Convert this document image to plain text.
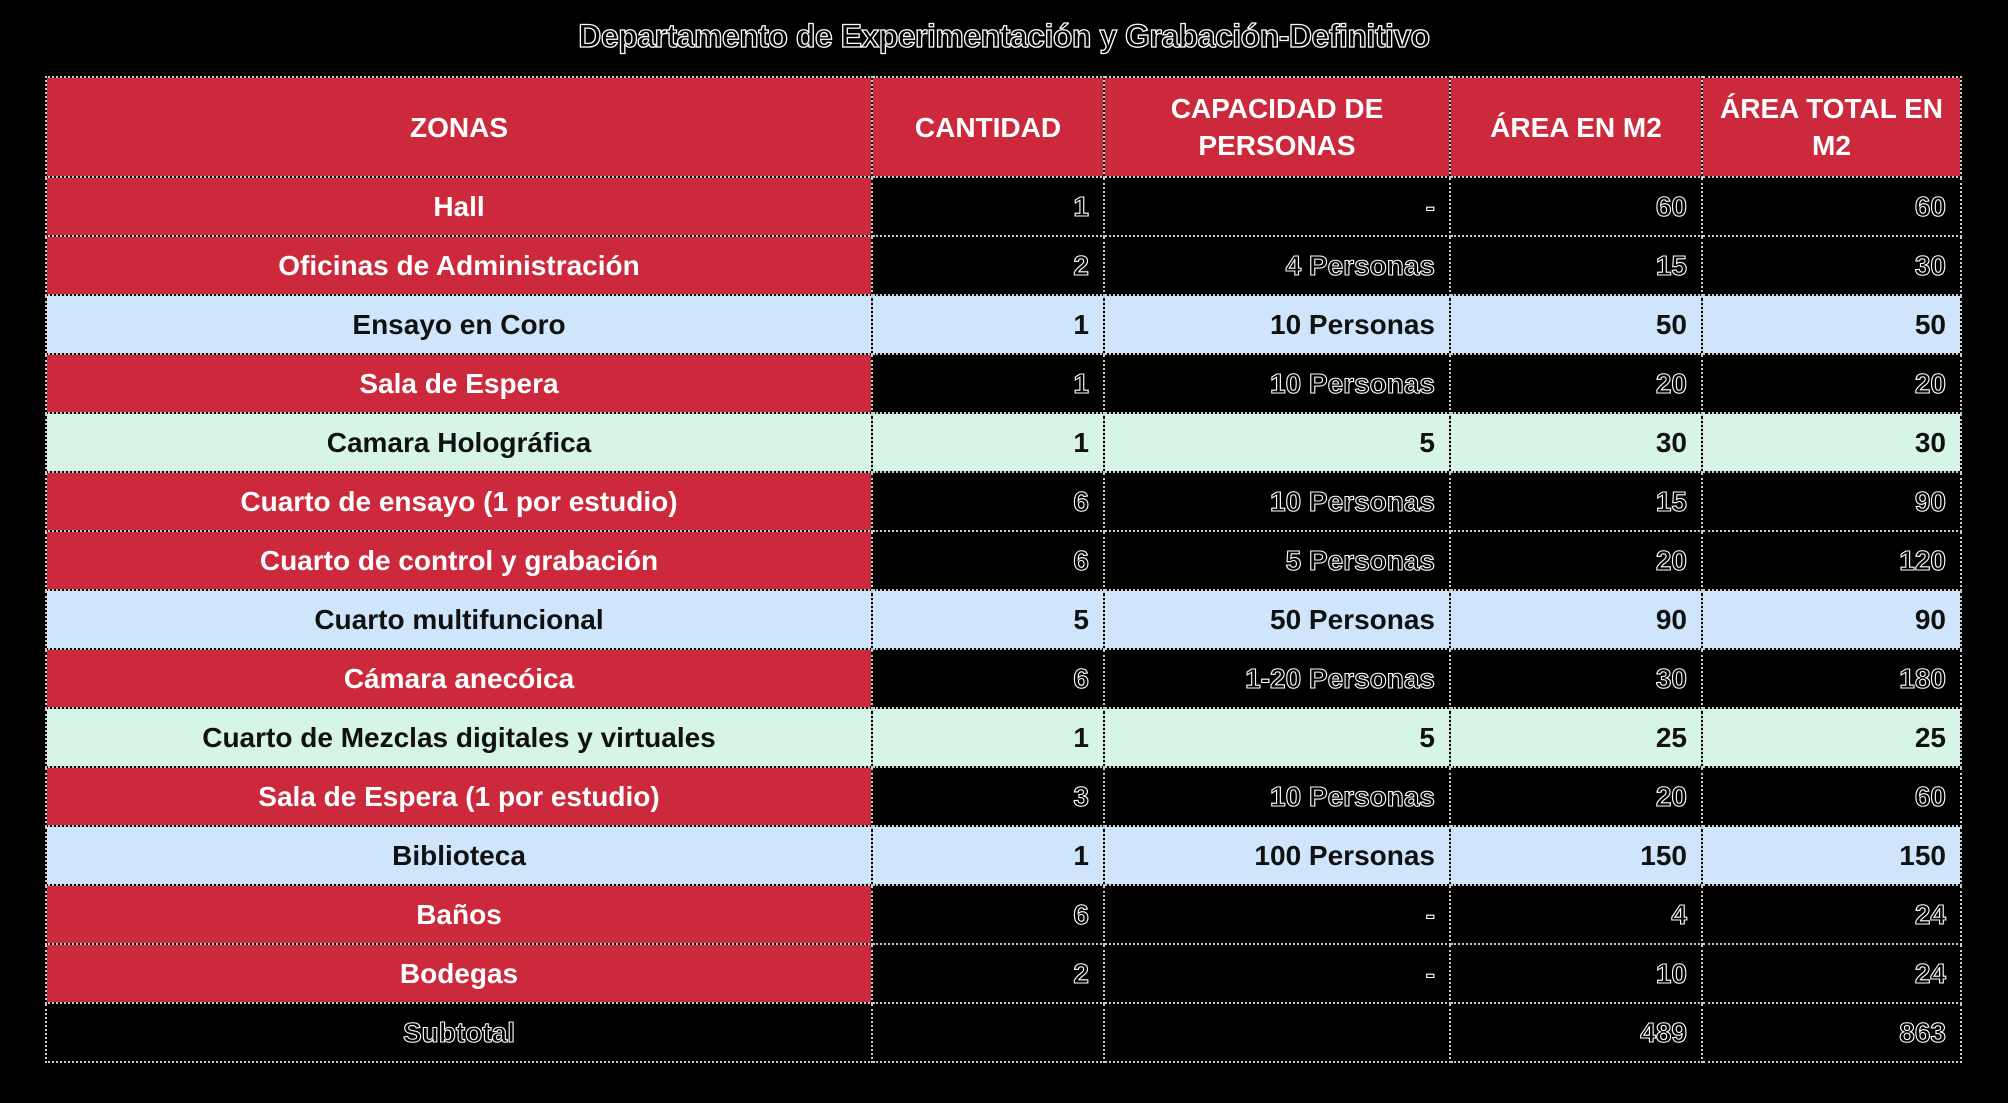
Departamento de Experimentación y Grabación-Definitivo
ZONAS	CANTIDAD	CAPACIDAD DE PERSONAS	ÁREA EN M2	ÁREA TOTAL EN M2
Hall	1	-	60	60
Oficinas de Administración	2	4 Personas	15	30
Ensayo en Coro	1	10 Personas	50	50
Sala de Espera	1	10 Personas	20	20
Camara Holográfica	1	5	30	30
Cuarto de ensayo (1 por estudio)	6	10 Personas	15	90
Cuarto de control y grabación	6	5 Personas	20	120
Cuarto multifuncional	5	50 Personas	90	90
Cámara anecóica	6	1-20 Personas	30	180
Cuarto de Mezclas digitales y virtuales	1	5	25	25
Sala de Espera (1 por estudio)	3	10 Personas	20	60
Biblioteca	1	100 Personas	150	150
Baños	6	-	4	24
Bodegas	2	-	10	24
Subtotal			489	863
